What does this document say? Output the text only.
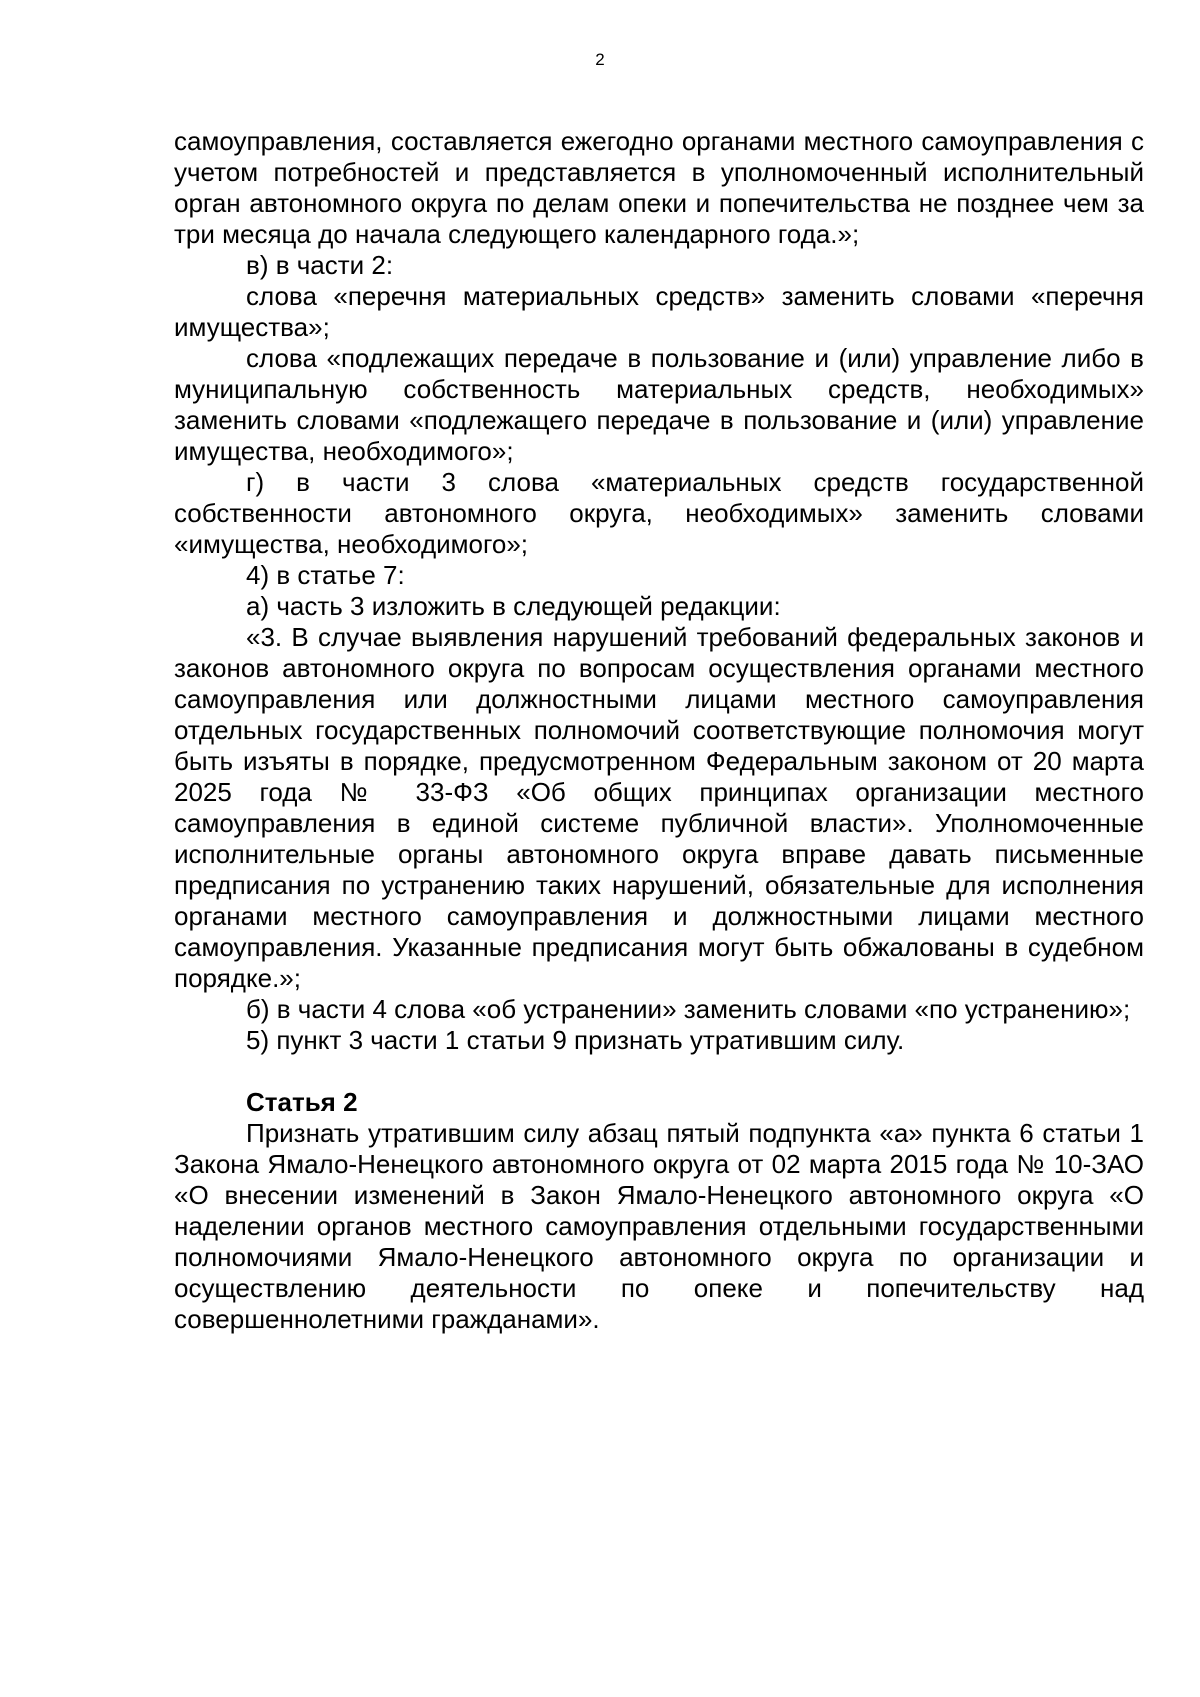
2

самоуправления, составляется ежегодно органами местного самоуправления с учетом потребностей и представляется в уполномоченный исполнительный орган автономного округа по делам опеки и попечительства не позднее чем за три месяца до начала следующего календарного года.»;

в) в части 2:

слова «перечня материальных средств» заменить словами «перечня имущества»;

слова «подлежащих передаче в пользование и (или) управление либо в муниципальную собственность материальных средств, необходимых» заменить словами «подлежащего передаче в пользование и (или) управление имущества, необходимого»;

г) в части 3 слова «материальных средств государственной собственности автономного округа, необходимых» заменить словами «имущества, необходимого»;

4) в статье 7:

а) часть 3 изложить в следующей редакции:

«3. В случае выявления нарушений требований федеральных законов и законов автономного округа по вопросам осуществления органами местного самоуправления или должностными лицами местного самоуправления отдельных государственных полномочий соответствующие полномочия могут быть изъяты в порядке, предусмотренном Федеральным законом от 20 марта 2025 года № 33-ФЗ «Об общих принципах организации местного самоуправления в единой системе публичной власти». Уполномоченные исполнительные органы автономного округа вправе давать письменные предписания по устранению таких нарушений, обязательные для исполнения органами местного самоуправления и должностными лицами местного самоуправления. Указанные предписания могут быть обжалованы в судебном порядке.»;

б) в части 4 слова «об устранении» заменить словами «по устранению»;

5) пункт 3 части 1 статьи 9 признать утратившим силу.

Статья 2

Признать утратившим силу абзац пятый подпункта «а» пункта 6 статьи 1 Закона Ямало-Ненецкого автономного округа от 02 марта 2015 года № 10-ЗАО «О внесении изменений в Закон Ямало-Ненецкого автономного округа «О наделении органов местного самоуправления отдельными государственными полномочиями Ямало-Ненецкого автономного округа по организации и осуществлению деятельности по опеке и попечительству над совершеннолетними гражданами».
